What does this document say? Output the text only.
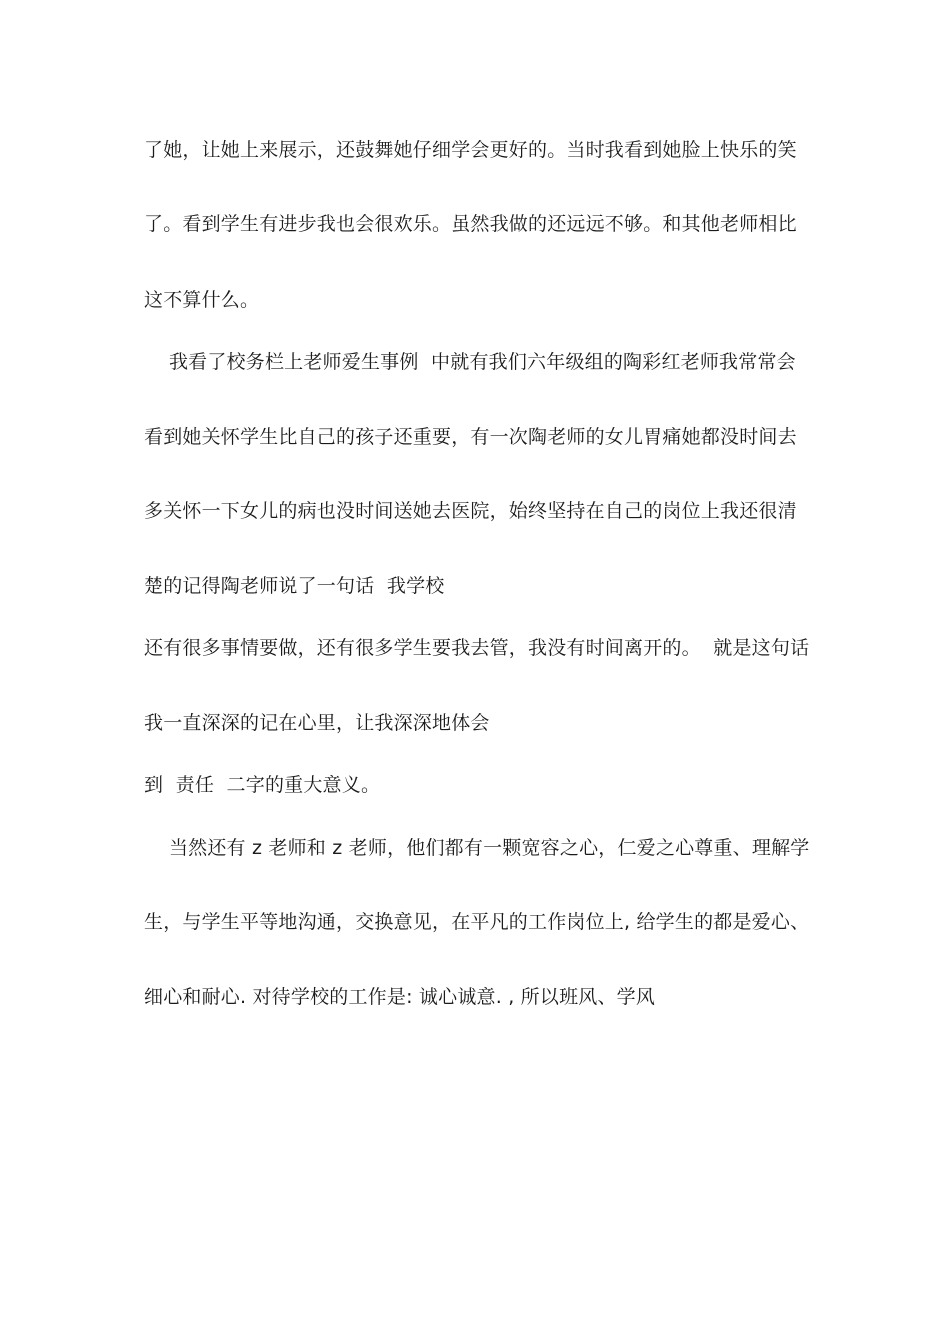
了她，让她上来展示，还鼓舞她仔细学会更好的。当时我看到她脸上快乐的笑
了。看到学生有进步我也会很欢乐。虽然我做的还远远不够。和其他老师相比
这不算什么。
我看了校务栏上老师爱生事例  中就有我们六年级组的陶彩红老师我常常会
看到她关怀学生比自己的孩子还重要，有一次陶老师的女儿胃痛她都没时间去
多关怀一下女儿的病也没时间送她去医院，始终坚持在自己的岗位上我还很清
楚的记得陶老师说了一句话  我学校
还有很多事情要做，还有很多学生要我去管，我没有时间离开的。  就是这句话
我一直深深的记在心里，让我深深地体会
到  责任  二字的重大意义。
当然还有 z 老师和 z 老师，他们都有一颗宽容之心，仁爱之心尊重、理解学
生，与学生平等地沟通，交换意见，在平凡的工作岗位上, 给学生的都是爱心、
细心和耐心. 对待学校的工作是: 诚心诚意. , 所以班风、学风
